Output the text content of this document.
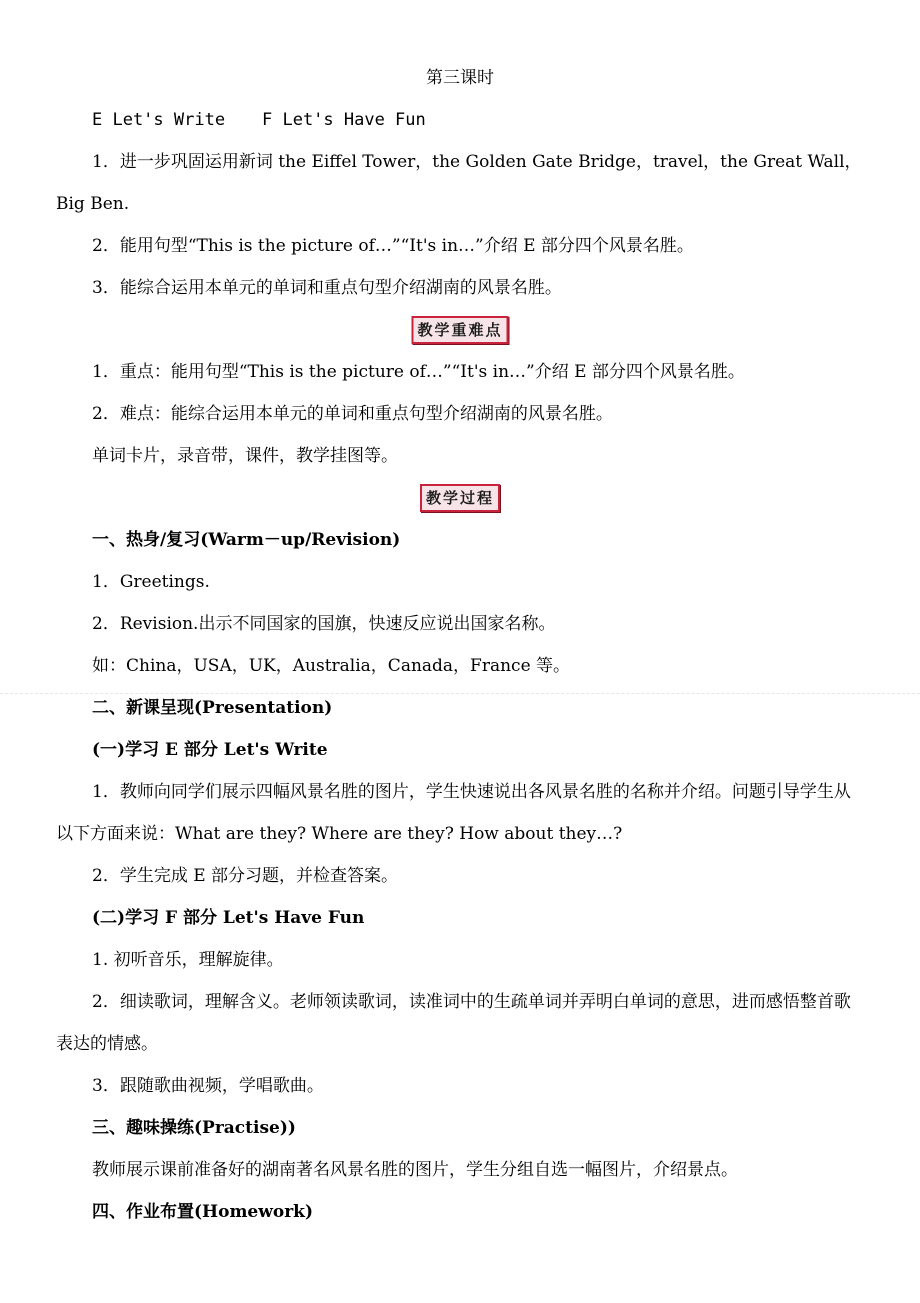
第三课时
E Let's Write F Let's Have Fun
1．进一步巩固运用新词 the Eiffel Tower，the Golden Gate Bridge，travel，the Great Wall，Big Ben.
2．能用句型“This is the picture of…”“It's in…”介绍 E 部分四个风景名胜。
3．能综合运用本单元的单词和重点句型介绍湖南的风景名胜。
教学重难点
1．重点：能用句型“This is the picture of…”“It's in…”介绍 E 部分四个风景名胜。
2．难点：能综合运用本单元的单词和重点句型介绍湖南的风景名胜。
单词卡片，录音带，课件，教学挂图等。
教学过程
一、热身/复习(Warm－up/Revision)
1．Greetings.
2．Revision.出示不同国家的国旗，快速反应说出国家名称。
如：China，USA，UK，Australia，Canada，France 等。
二、新课呈现(Presentation)
(一)学习 E 部分 Let's Write
1．教师向同学们展示四幅风景名胜的图片，学生快速说出各风景名胜的名称并介绍。问题引导学生从以下方面来说：What are they? Where are they? How about they…?
2．学生完成 E 部分习题，并检查答案。
(二)学习 F 部分 Let's Have Fun
1. 初听音乐，理解旋律。
2．细读歌词，理解含义。老师领读歌词，读准词中的生疏单词并弄明白单词的意思，进而感悟整首歌表达的情感。
3．跟随歌曲视频，学唱歌曲。
三、趣味操练(Practise))
教师展示课前准备好的湖南著名风景名胜的图片，学生分组自选一幅图片，介绍景点。
四、作业布置(Homework)
